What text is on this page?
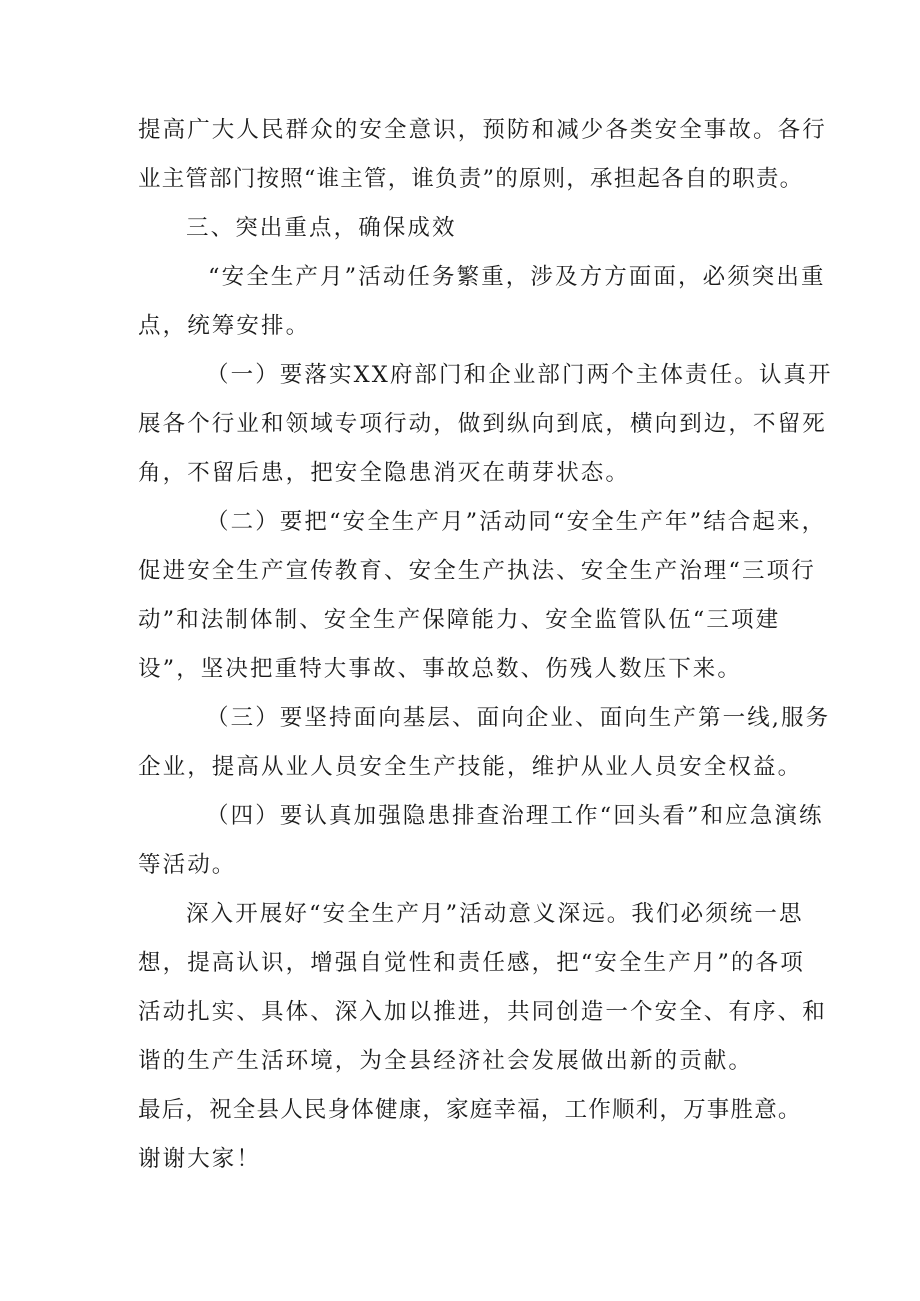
提高广大人民群众的安全意识，预防和减少各类安全事故。各行
业主管部门按照“谁主管，谁负责”的原则，承担起各自的职责。
三、突出重点，确保成效
“安全生产月”活动任务繁重，涉及方方面面，必须突出重
点，统筹安排。
（一）要落实XX府部门和企业部门两个主体责任。认真开
展各个行业和领域专项行动，做到纵向到底，横向到边，不留死
角，不留后患，把安全隐患消灭在萌芽状态。
（二）要把“安全生产月”活动同“安全生产年”结合起来，
促进安全生产宣传教育、安全生产执法、安全生产治理“三项行
动”和法制体制、安全生产保障能力、安全监管队伍“三项建
设”，坚决把重特大事故、事故总数、伤残人数压下来。
（三）要坚持面向基层、面向企业、面向生产第一线,服务
企业，提高从业人员安全生产技能，维护从业人员安全权益。
（四）要认真加强隐患排查治理工作“回头看”和应急演练
等活动。
深入开展好“安全生产月”活动意义深远。我们必须统一思
想，提高认识，增强自觉性和责任感，把“安全生产月”的各项
活动扎实、具体、深入加以推进，共同创造一个安全、有序、和
谐的生产生活环境，为全县经济社会发展做出新的贡献。
最后，祝全县人民身体健康，家庭幸福，工作顺利，万事胜意。
谢谢大家！
